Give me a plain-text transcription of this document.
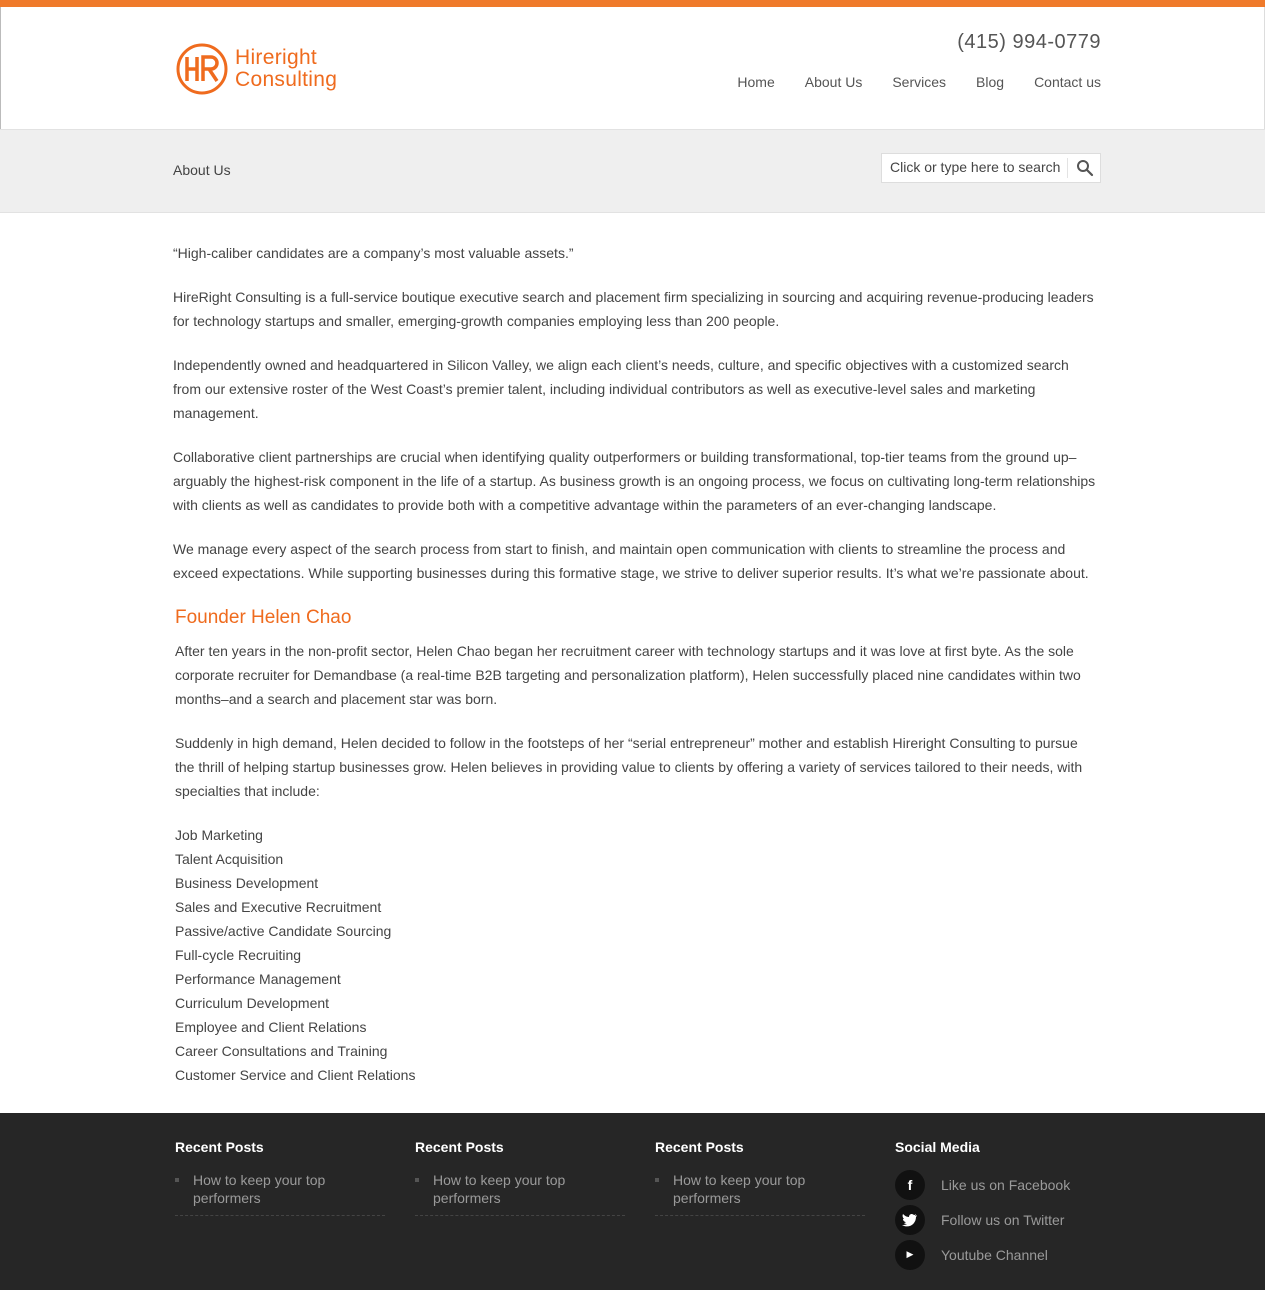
Hireright
Consulting
(415) 994-0779
Home About Us Services Blog Contact us
About Us
Click or type here to search

“High-caliber candidates are a company’s most valuable assets.”

HireRight Consulting is a full-service boutique executive search and placement firm specializing in sourcing and acquiring revenue-producing leaders for technology startups and smaller, emerging-growth companies employing less than 200 people.

Independently owned and headquartered in Silicon Valley, we align each client’s needs, culture, and specific objectives with a customized search from our extensive roster of the West Coast’s premier talent, including individual contributors as well as executive-level sales and marketing management.

Collaborative client partnerships are crucial when identifying quality outperformers or building transformational, top-tier teams from the ground up–arguably the highest-risk component in the life of a startup. As business growth is an ongoing process, we focus on cultivating long-term relationships with clients as well as candidates to provide both with a competitive advantage within the parameters of an ever-changing landscape.

We manage every aspect of the search process from start to finish, and maintain open communication with clients to streamline the process and exceed expectations. While supporting businesses during this formative stage, we strive to deliver superior results. It’s what we’re passionate about.

Founder Helen Chao

After ten years in the non-profit sector, Helen Chao began her recruitment career with technology startups and it was love at first byte. As the sole corporate recruiter for Demandbase (a real-time B2B targeting and personalization platform), Helen successfully placed nine candidates within two months–and a search and placement star was born.

Suddenly in high demand, Helen decided to follow in the footsteps of her “serial entrepreneur” mother and establish Hireright Consulting to pursue the thrill of helping startup businesses grow. Helen believes in providing value to clients by offering a variety of services tailored to their needs, with specialties that include:

Job Marketing
Talent Acquisition
Business Development
Sales and Executive Recruitment
Passive/active Candidate Sourcing
Full-cycle Recruiting
Performance Management
Curriculum Development
Employee and Client Relations
Career Consultations and Training
Customer Service and Client Relations
Recent Posts
How to keep your top performers
Recent Posts
How to keep your top performers
Recent Posts
How to keep your top performers
Social Media
f	Like us on Facebook
Follow us on Twitter
▶	Youtube Channel
